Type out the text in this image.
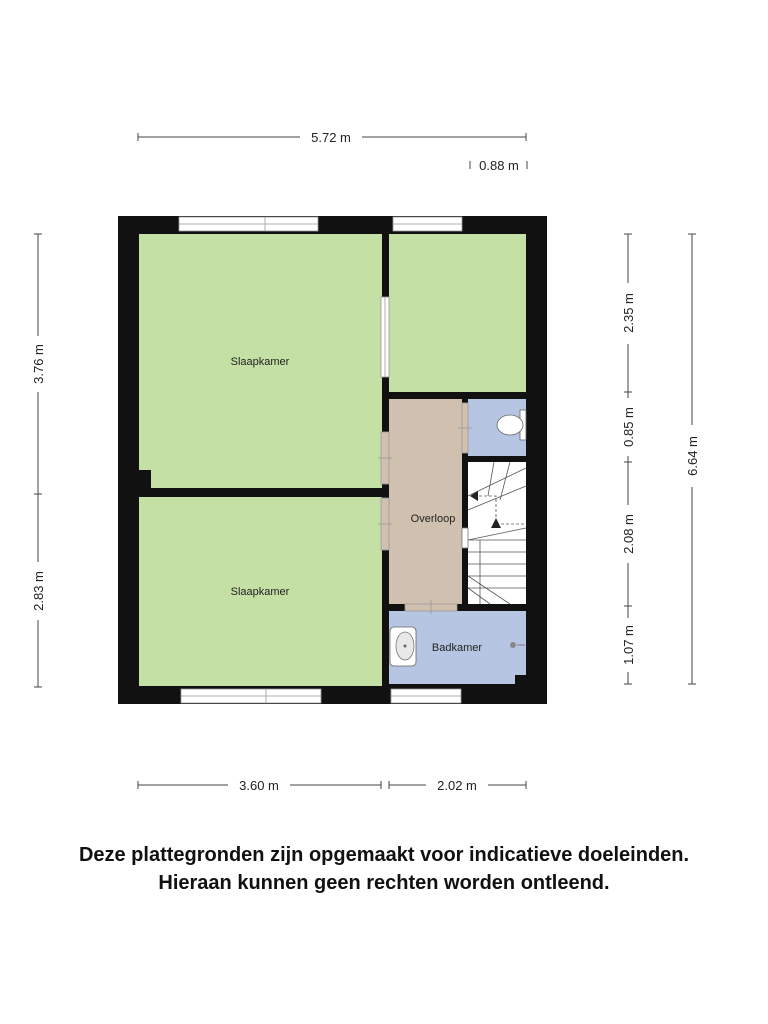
5.72 m
0.88 m
3.76 m
2.83 m
2.35 m
0.85 m
2.08 m
1.07 m
6.64 m
3.60 m	2.02 m
Slaapkamer
Slaapkamer
Overloop
Badkamer
Deze plattegronden zijn opgemaakt voor indicatieve doeleinden.
Hieraan kunnen geen rechten worden ontleend.
